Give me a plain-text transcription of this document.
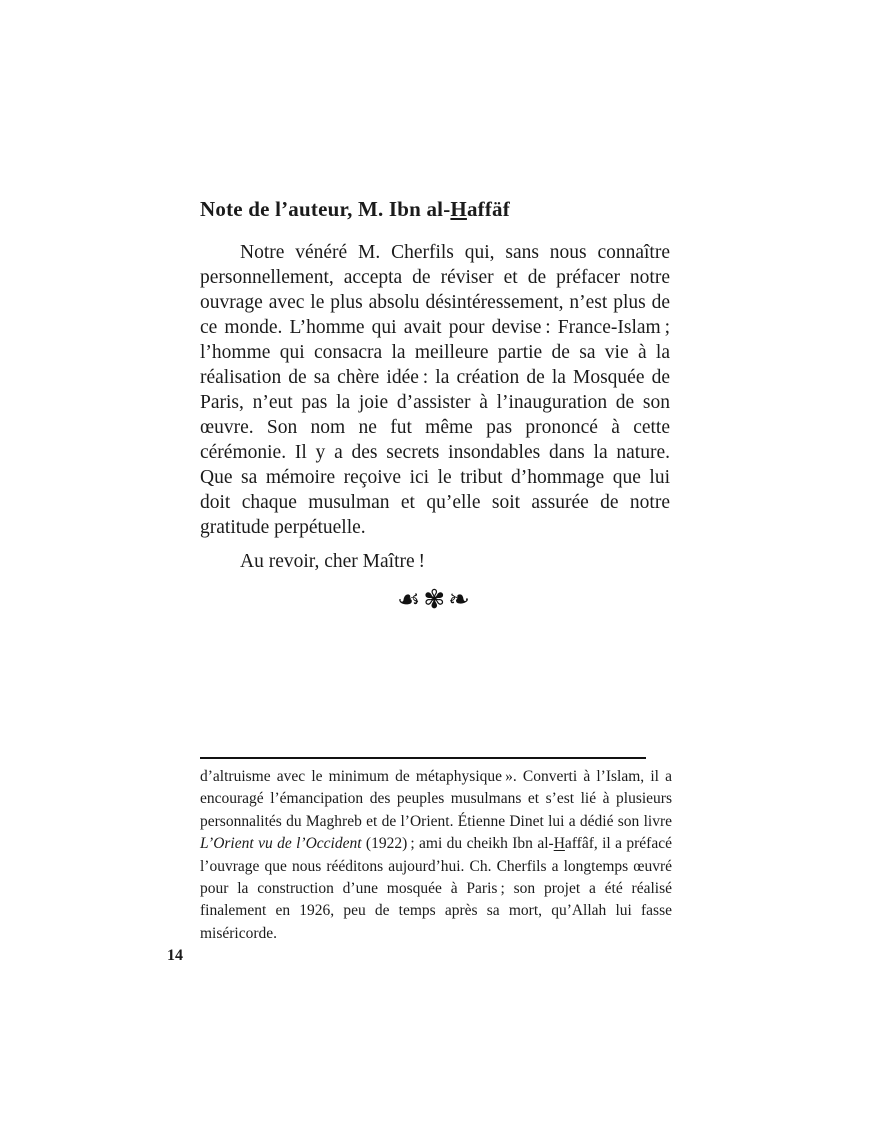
Note de l’auteur, M. Ibn al-Haffäf

Notre vénéré M. Cherfils qui, sans nous connaître personnellement, accepta de réviser et de préfacer notre ouvrage avec le plus absolu désintéressement, n’est plus de ce monde. L’homme qui avait pour devise : France-Islam ; l’homme qui consacra la meilleure partie de sa vie à la réalisation de sa chère idée : la création de la Mosquée de Paris, n’eut pas la joie d’assister à l’inauguration de son œuvre. Son nom ne fut même pas prononcé à cette cérémonie. Il y a des secrets insondables dans la nature. Que sa mémoire reçoive ici le tribut d’hommage que lui doit chaque musulman et qu’elle soit assurée de notre gratitude perpétuelle.

Au revoir, cher Maître !

☙✾❧
d’altruisme avec le minimum de métaphysique ». Converti à l’Islam, il a encouragé l’émancipation des peuples musulmans et s’est lié à plusieurs personnalités du Maghreb et de l’Orient. Étienne Dinet lui a dédié son livre L’Orient vu de l’Occident (1922) ; ami du cheikh Ibn al-Haffâf, il a préfacé l’ouvrage que nous rééditons aujourd’hui. Ch. Cherfils a longtemps œuvré pour la construction d’une mosquée à Paris ; son projet a été réalisé finalement en 1926, peu de temps après sa mort, qu’Allah lui fasse miséricorde.
14
